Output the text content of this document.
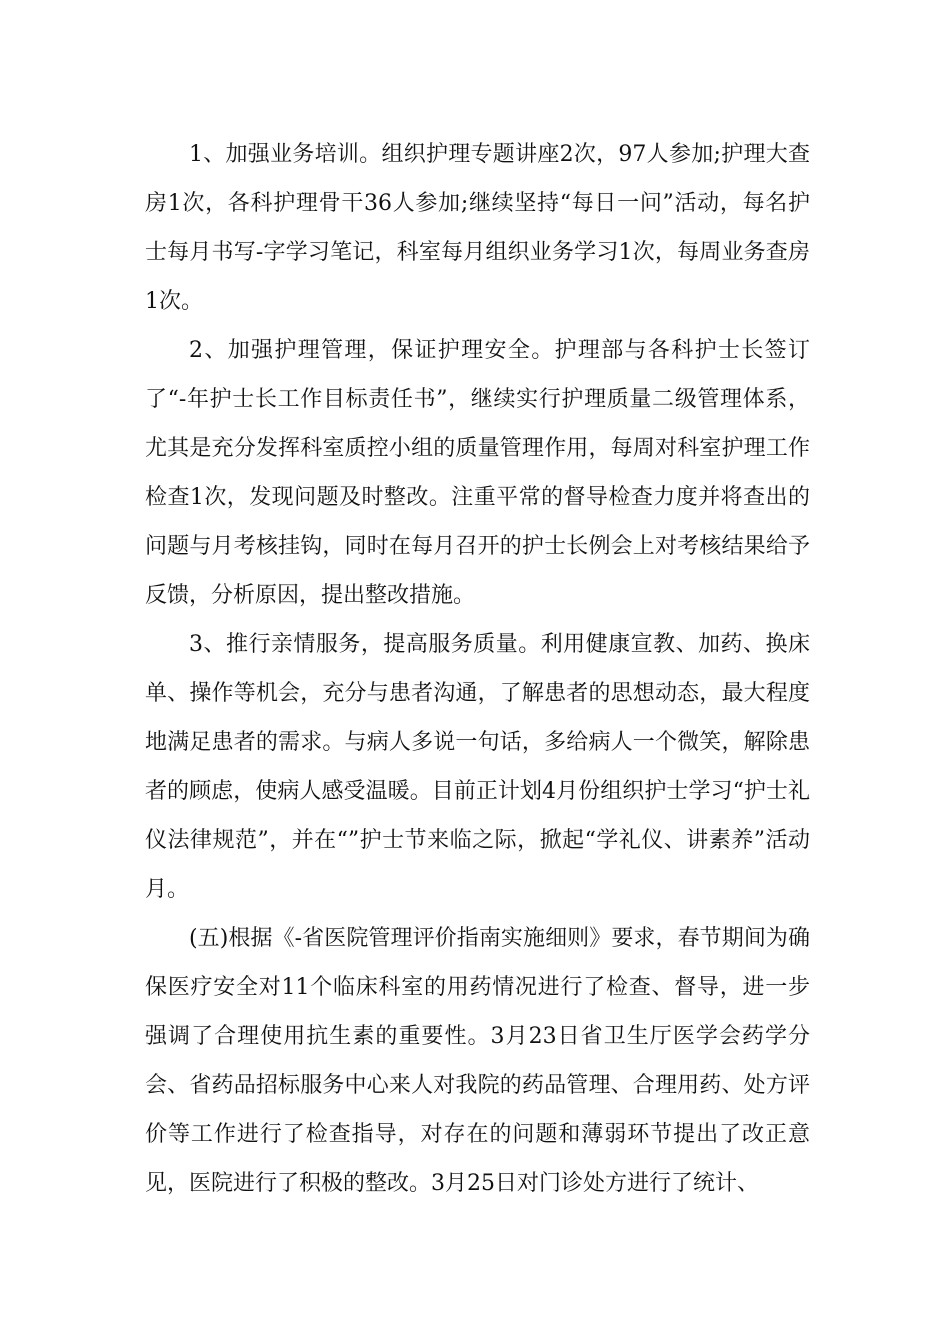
1、加强业务培训。组织护理专题讲座2次，97人参加;护理大查房1次，各科护理骨干36人参加;继续坚持“每日一问”活动，每名护士每月书写-字学习笔记，科室每月组织业务学习1次，每周业务查房1次。

2、加强护理管理，保证护理安全。护理部与各科护士长签订了“-年护士长工作目标责任书”，继续实行护理质量二级管理体系，尤其是充分发挥科室质控小组的质量管理作用，每周对科室护理工作检查1次，发现问题及时整改。注重平常的督导检查力度并将查出的问题与月考核挂钩，同时在每月召开的护士长例会上对考核结果给予反馈，分析原因，提出整改措施。

3、推行亲情服务，提高服务质量。利用健康宣教、加药、换床单、操作等机会，充分与患者沟通，了解患者的思想动态，最大程度地满足患者的需求。与病人多说一句话，多给病人一个微笑，解除患者的顾虑，使病人感受温暖。目前正计划4月份组织护士学习“护士礼仪法律规范”，并在“”护士节来临之际，掀起“学礼仪、讲素养”活动月。

(五)根据《-省医院管理评价指南实施细则》要求，春节期间为确保医疗安全对11个临床科室的用药情况进行了检查、督导，进一步强调了合理使用抗生素的重要性。3月23日省卫生厅医学会药学分会、省药品招标服务中心来人对我院的药品管理、合理用药、处方评价等工作进行了检查指导，对存在的问题和薄弱环节提出了改正意见，医院进行了积极的整改。3月25日对门诊处方进行了统计、
